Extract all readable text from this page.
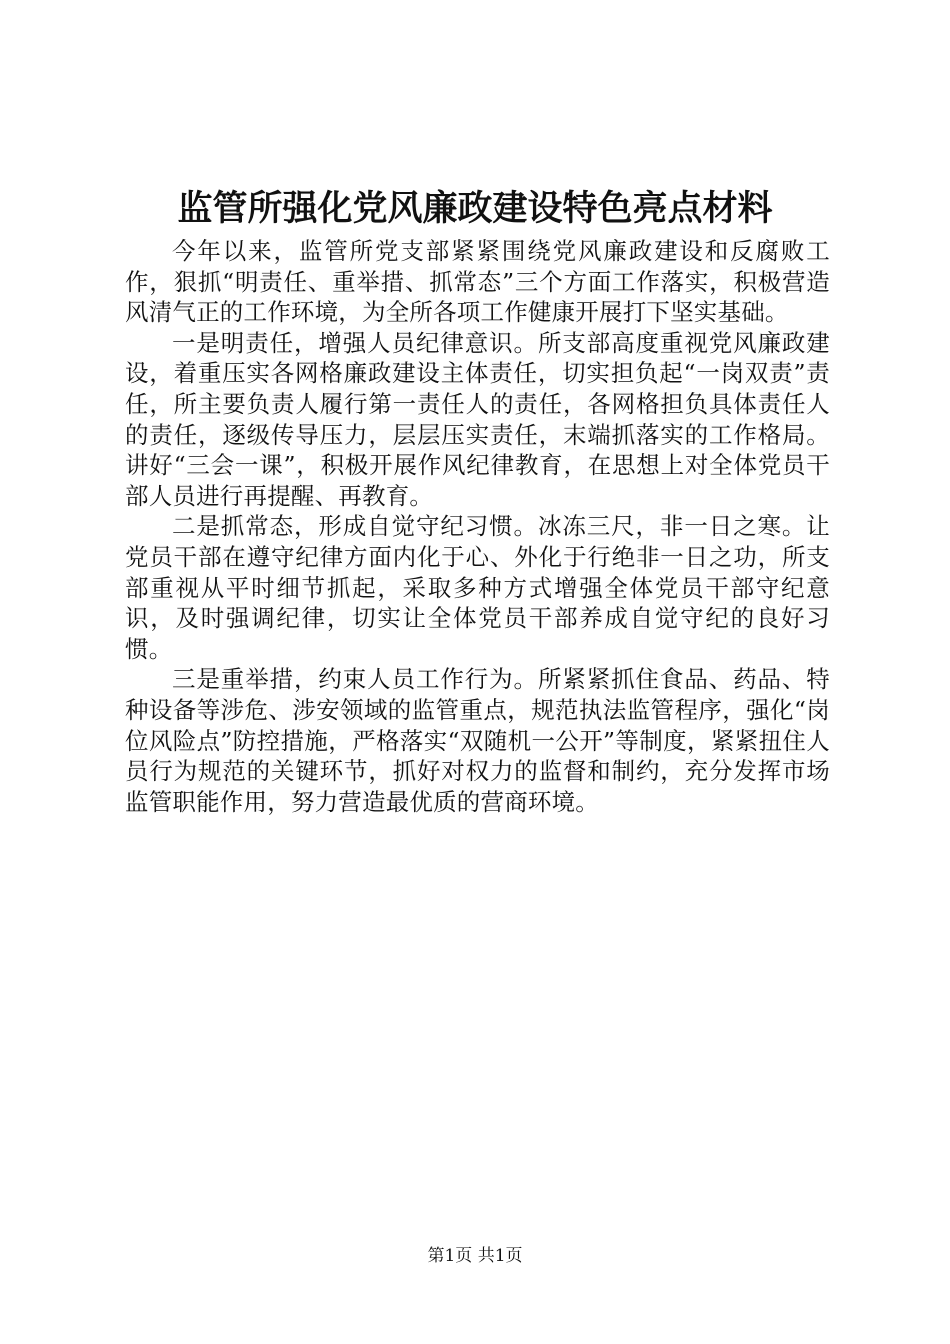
监管所强化党风廉政建设特色亮点材料

今年以来，监管所党支部紧紧围绕党风廉政建设和反腐败工作，狠抓“明责任、重举措、抓常态”三个方面工作落实，积极营造风清气正的工作环境，为全所各项工作健康开展打下坚实基础。

一是明责任，增强人员纪律意识。所支部高度重视党风廉政建设，着重压实各网格廉政建设主体责任，切实担负起“一岗双责”责任，所主要负责人履行第一责任人的责任，各网格担负具体责任人的责任，逐级传导压力，层层压实责任，末端抓落实的工作格局。讲好“三会一课”，积极开展作风纪律教育，在思想上对全体党员干部人员进行再提醒、再教育。

二是抓常态，形成自觉守纪习惯。冰冻三尺，非一日之寒。让党员干部在遵守纪律方面内化于心、外化于行绝非一日之功，所支部重视从平时细节抓起，采取多种方式增强全体党员干部守纪意识，及时强调纪律，切实让全体党员干部养成自觉守纪的良好习惯。

三是重举措，约束人员工作行为。所紧紧抓住食品、药品、特种设备等涉危、涉安领域的监管重点，规范执法监管程序，强化“岗位风险点”防控措施，严格落实“双随机一公开”等制度，紧紧扭住人员行为规范的关键环节，抓好对权力的监督和制约，充分发挥市场监管职能作用，努力营造最优质的营商环境。

第1页 共1页
